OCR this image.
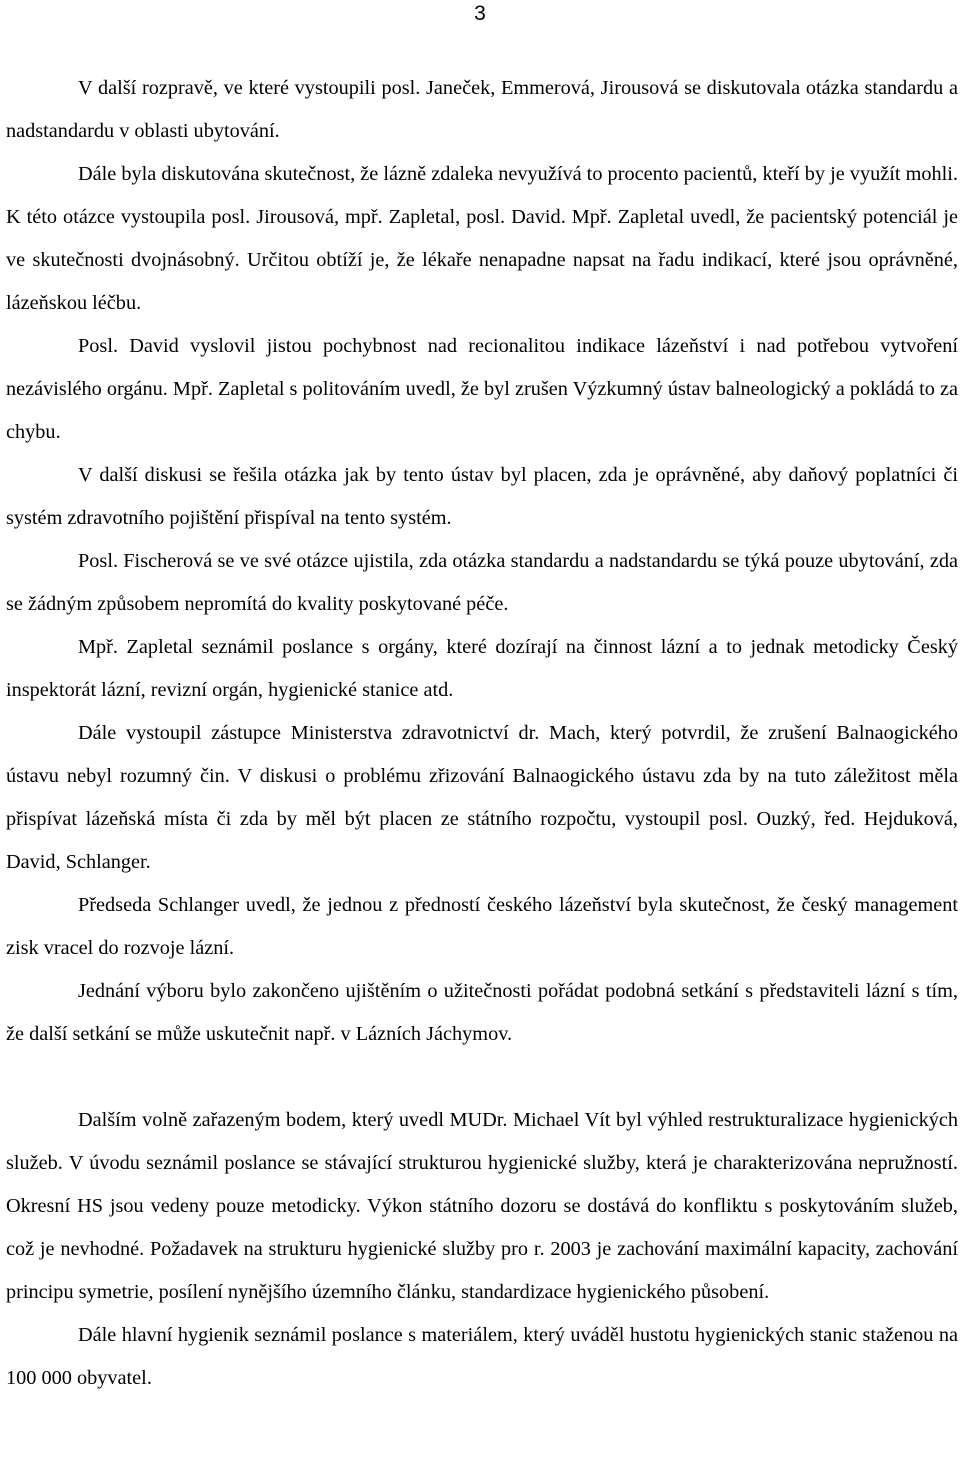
3

V další rozpravě, ve které vystoupili posl. Janeček, Emmerová, Jirousová se diskutovala otázka standardu a nadstandardu v oblasti ubytování.

Dále byla diskutována skutečnost, že lázně zdaleka nevyužívá to procento pacientů, kteří by je využít mohli. K této otázce vystoupila posl. Jirousová, mpř. Zapletal, posl. David. Mpř. Zapletal uvedl, že pacientský potenciál je ve skutečnosti dvojnásobný. Určitou obtíží je, že lékaře nenapadne napsat na řadu indikací, které jsou oprávněné, lázeňskou léčbu.

Posl. David vyslovil jistou pochybnost nad recionalitou indikace lázeňství i nad potřebou vytvoření nezávislého orgánu. Mpř. Zapletal s politováním uvedl, že byl zrušen Výzkumný ústav balneologický a pokládá to za chybu.

V další diskusi se řešila otázka jak by tento ústav byl placen, zda je oprávněné, aby daňový poplatníci či systém zdravotního pojištění přispíval na tento systém.

Posl. Fischerová se ve své otázce ujistila, zda otázka standardu a nadstandardu se týká pouze ubytování, zda se žádným způsobem nepromítá do kvality poskytované péče.

Mpř. Zapletal seznámil poslance s orgány, které dozírají na činnost lázní a to jednak metodicky Český inspektorát lázní, revizní orgán, hygienické stanice atd.

Dále vystoupil zástupce Ministerstva zdravotnictví dr. Mach, který potvrdil, že zrušení Balnaogického ústavu nebyl rozumný čin. V diskusi o problému zřizování Balnaogického ústavu zda by na tuto záležitost měla přispívat lázeňská místa či zda by měl být placen ze státního rozpočtu, vystoupil posl. Ouzký, řed. Hejduková, David, Schlanger.

Předseda Schlanger uvedl, že jednou z předností českého lázeňství byla skutečnost, že český management zisk vracel do rozvoje lázní.

Jednání výboru bylo zakončeno ujištěním o užitečnosti pořádat podobná setkání s představiteli lázní s tím, že další setkání se může uskutečnit např. v Lázních Jáchymov.

Dalším volně zařazeným bodem, který uvedl MUDr. Michael Vít byl výhled restrukturalizace hygienických služeb. V úvodu seznámil poslance se stávající strukturou hygienické služby, která je charakterizována nepružností. Okresní HS jsou vedeny pouze metodicky. Výkon státního dozoru se dostává do konfliktu s poskytováním služeb, což je nevhodné. Požadavek na strukturu hygienické služby pro r. 2003 je zachování maximální kapacity, zachování principu symetrie, posílení nynějšího územního článku, standardizace hygienického působení.

Dále hlavní hygienik seznámil poslance s materiálem, který uváděl hustotu hygienických stanic staženou na 100 000 obyvatel.
